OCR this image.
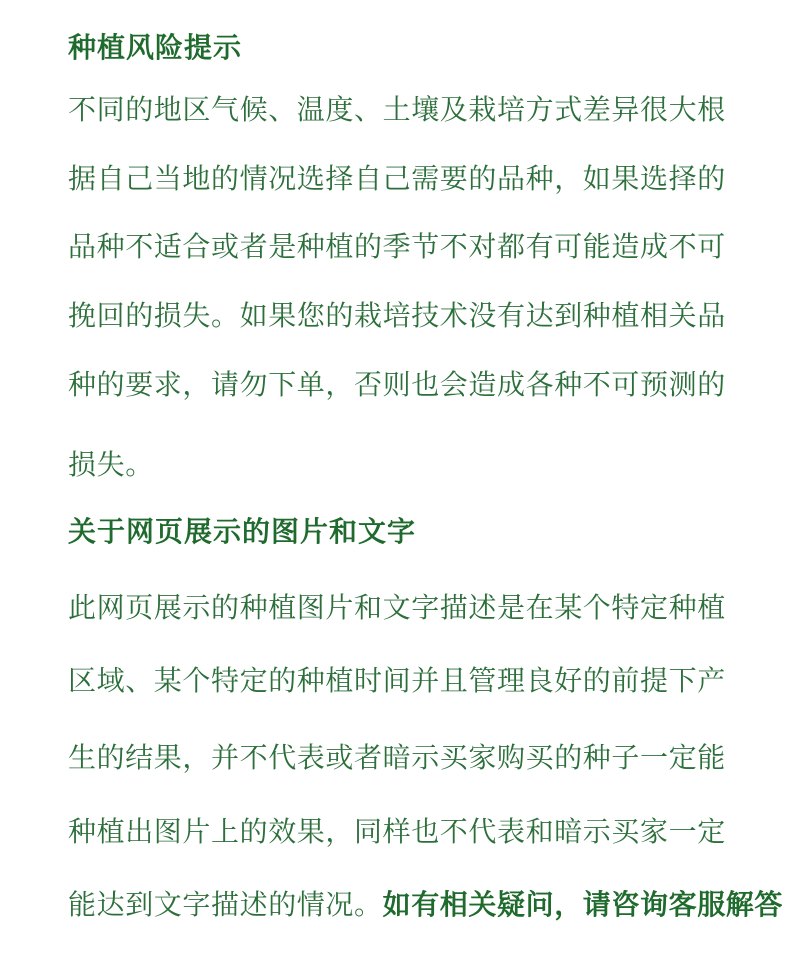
种植风险提示
不同的地区气候、温度、土壤及栽培方式差异很大根
据自己当地的情况选择自己需要的品种，如果选择的
品种不适合或者是种植的季节不对都有可能造成不可
挽回的损失。如果您的栽培技术没有达到种植相关品
种的要求，请勿下单，否则也会造成各种不可预测的
损失。
关于网页展示的图片和文字
此网页展示的种植图片和文字描述是在某个特定种植
区域、某个特定的种植时间并且管理良好的前提下产
生的结果，并不代表或者暗示买家购买的种子一定能
种植出图片上的效果，同样也不代表和暗示买家一定
能达到文字描述的情况。如有相关疑问，请咨询客服解答
